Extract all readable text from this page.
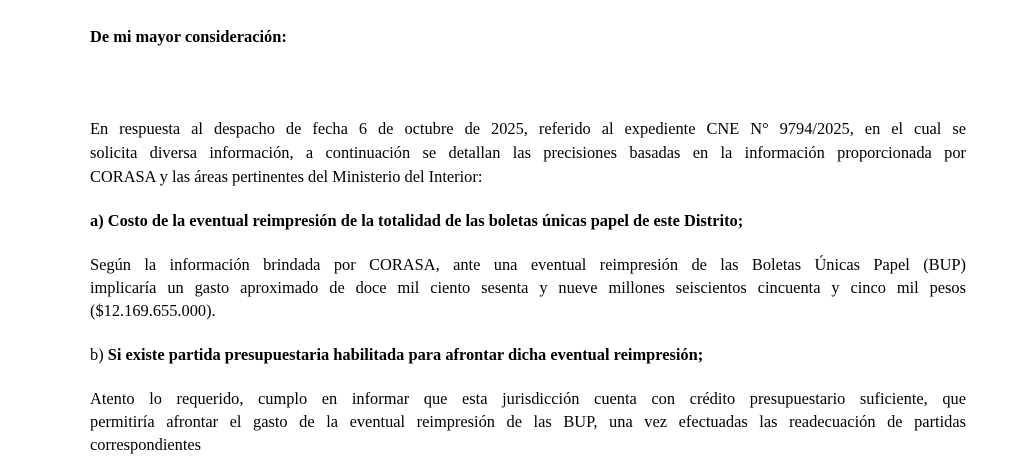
De mi mayor consideración:
En respuesta al despacho de fecha 6 de octubre de 2025, referido al expediente CNE N° 9794/2025, en el cual se
solicita diversa información, a continuación se detallan las precisiones basadas en la información proporcionada por
CORASA y las áreas pertinentes del Ministerio del Interior:
a) Costo de la eventual reimpresión de la totalidad de las boletas únicas papel de este Distrito;
Según la información brindada por CORASA, ante una eventual reimpresión de las Boletas Únicas Papel (BUP)
implicaría un gasto aproximado de doce mil ciento sesenta y nueve millones seiscientos cincuenta y cinco mil pesos
($12.169.655.000).
b) Si existe partida presupuestaria habilitada para afrontar dicha eventual reimpresión;
Atento lo requerido, cumplo en informar que esta jurisdicción cuenta con crédito presupuestario suficiente, que
permitiría afrontar el gasto de la eventual reimpresión de las BUP, una vez efectuadas las readecuación de partidas
correspondientes
